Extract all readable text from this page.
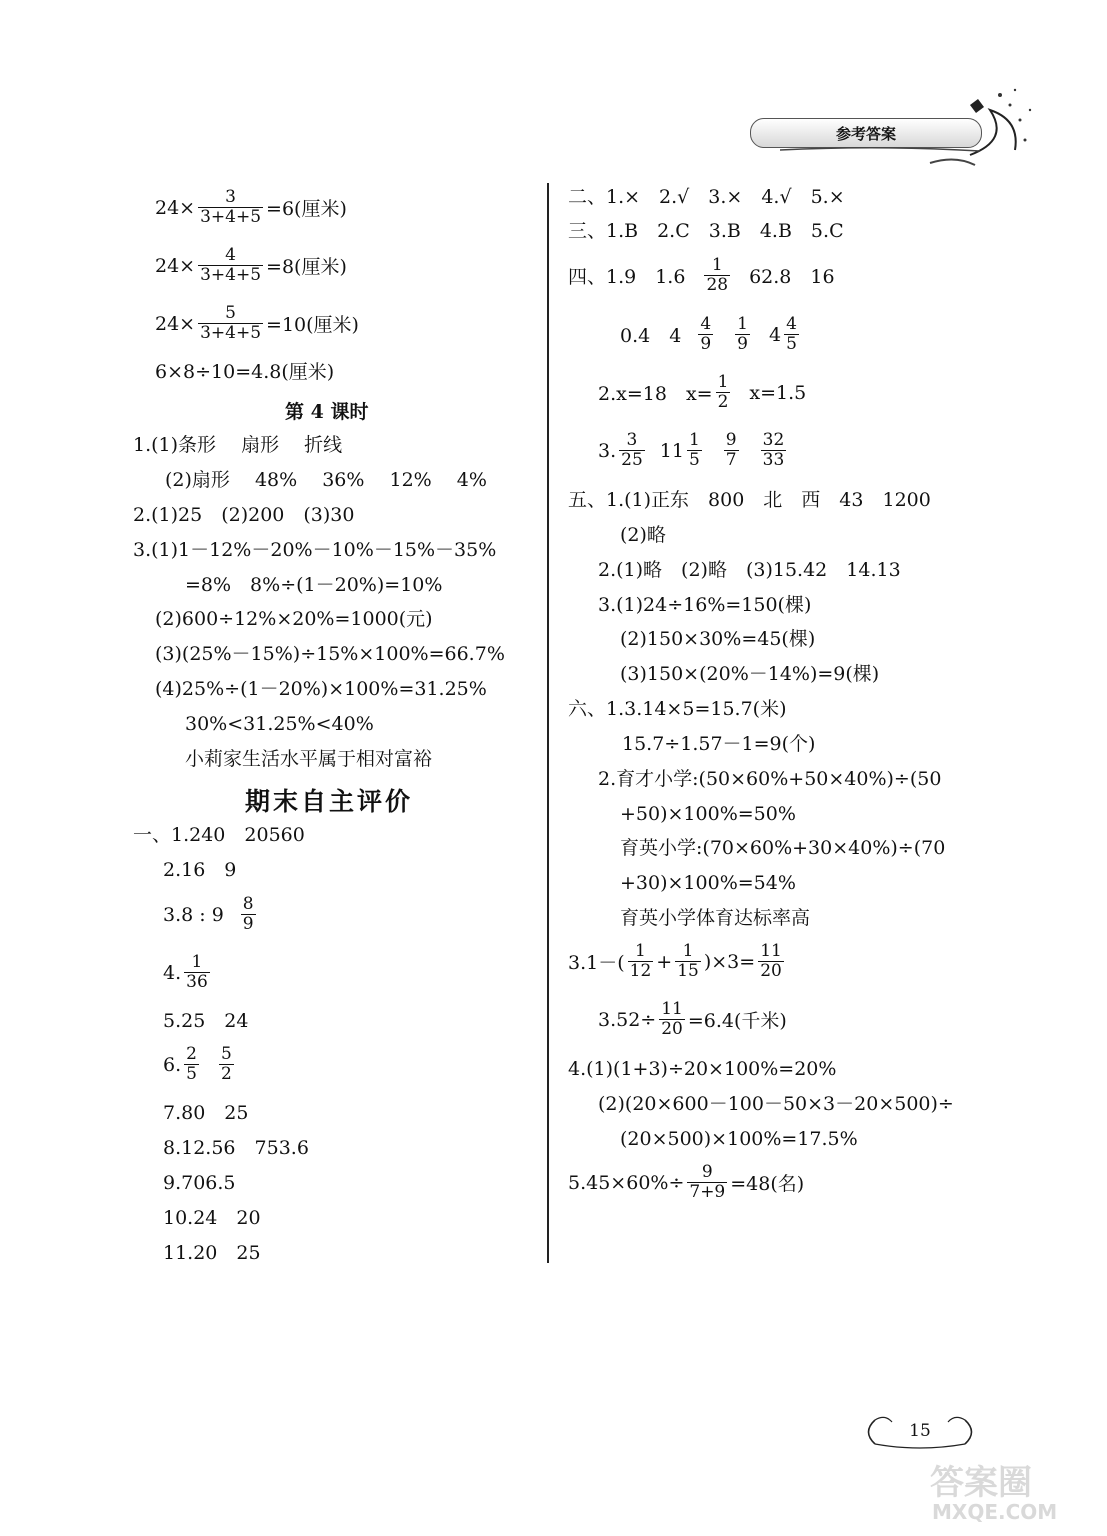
参考答案
$24\times \frac{3}{3+4+5} =6$(厘米)
$24\times \frac{4}{3+4+5} =8$(厘米)
$24\times \frac{5}{3+4+5} =10$(厘米)
6×8÷10=4.8(厘米)
第 4 课时
1.(1)条形　 扇形　 折线
(2)扇形　 48%　 36%　 12%　 4%
2.(1)25　(2)200　(3)30
3.(1)1－12%－20%－10%－15%－35%
=8%　8%÷(1－20%)=10%
(2)600÷12%×20%=1000(元)
(3)(25%－15%)÷15%×100%=66.7%
(4)25%÷(1－20%)×100%=31.25%
30%<31.25%<40%
小莉家生活水平属于相对富裕
期末自主评价
一、1.240　20560
2.16　9
3.8 : $9 \frac{8}{9}$
4. $\frac{1}{36}$
5.25　24
6. $\frac{2}{5} \frac{5}{2}$
7.80　25
8.12.56　753.6
9.706.5
10.24　20
11.20　25
二、1.×　2.√　3.×　4.√　5.×
三、1.B　2.C　3.B　4.B　5.C
四、1.9　$1.6 \frac{1}{28} 62.8$　16
0.4　$4 \frac{4}{9} \frac{1}{9} 4 \frac{4}{5}$
2.x=18　$x= \frac{1}{2} x=1.5$
3. $\frac{3}{25} 11 \frac{1}{5} \frac{9}{7} \frac{32}{33}$
五、1.(1)正东　800　北　西　43　1200
(2)略
2.(1)略　(2)略　(3)15.42　14.13
3.(1)24÷16%=150(棵)
(2)150×30%=45(棵)
(3)150×(20%－14%)=9(棵)
六、1.3.14×5=15.7(米)
15.7÷1.57－1=9(个)
2.育才小学:(50×60%+50×40%)÷(50
+50)×100%=50%
育英小学:(70×60%+30×40%)÷(70
+30)×100%=54%
育英小学体育达标率高
$3.1-( \frac{1}{12} + \frac{1}{15} )\times 3= \frac{11}{20}$
$3.52\div \frac{11}{20} =6.4$(千米)
4.(1)(1+3)÷20×100%=20%
(2)(20×600－100－50×3－20×500)÷
(20×500)×100%=17.5%
$5.45\times 60\%\div \frac{9}{7+9} =48$(名)
15
答案圈
MXQE.COM
